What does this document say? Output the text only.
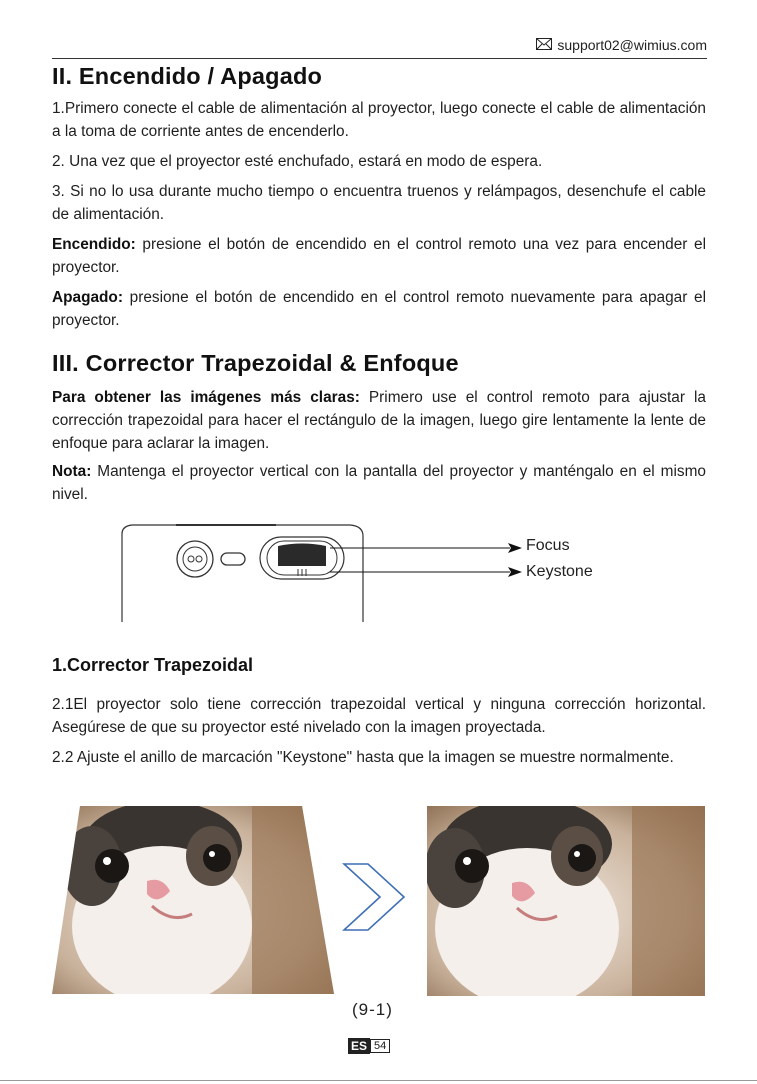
support02@wimius.com
II. Encendido / Apagado
1.Primero conecte el cable de alimentación al proyector, luego conecte el cable de alimentación a la toma de corriente antes de encenderlo.
2. Una vez que el proyector esté enchufado, estará en modo de espera.
3. Si no lo usa durante mucho tiempo o encuentra truenos y relámpagos, desenchufe el cable de alimentación.
Encendido: presione el botón de encendido en el control remoto una vez para encender el proyector.
Apagado: presione el botón de encendido en el control remoto nuevamente para apagar el proyector.
III. Corrector Trapezoidal & Enfoque
Para obtener las imágenes más claras: Primero use el control remoto para ajustar la corrección trapezoidal para hacer el rectángulo de la imagen, luego gire lentamente la lente de enfoque para aclarar la imagen.
Nota: Mantenga el proyector vertical con la pantalla del proyector y manténgalo en el mismo nivel.
Focus
Keystone
1.Corrector Trapezoidal
2.1El proyector solo tiene corrección trapezoidal vertical y ninguna corrección horizontal. Asegúrese de que su proyector esté nivelado con la imagen proyectada.
2.2 Ajuste el anillo de marcación "Keystone" hasta que la imagen se muestre normalmente.
(9-1)
ES 54
